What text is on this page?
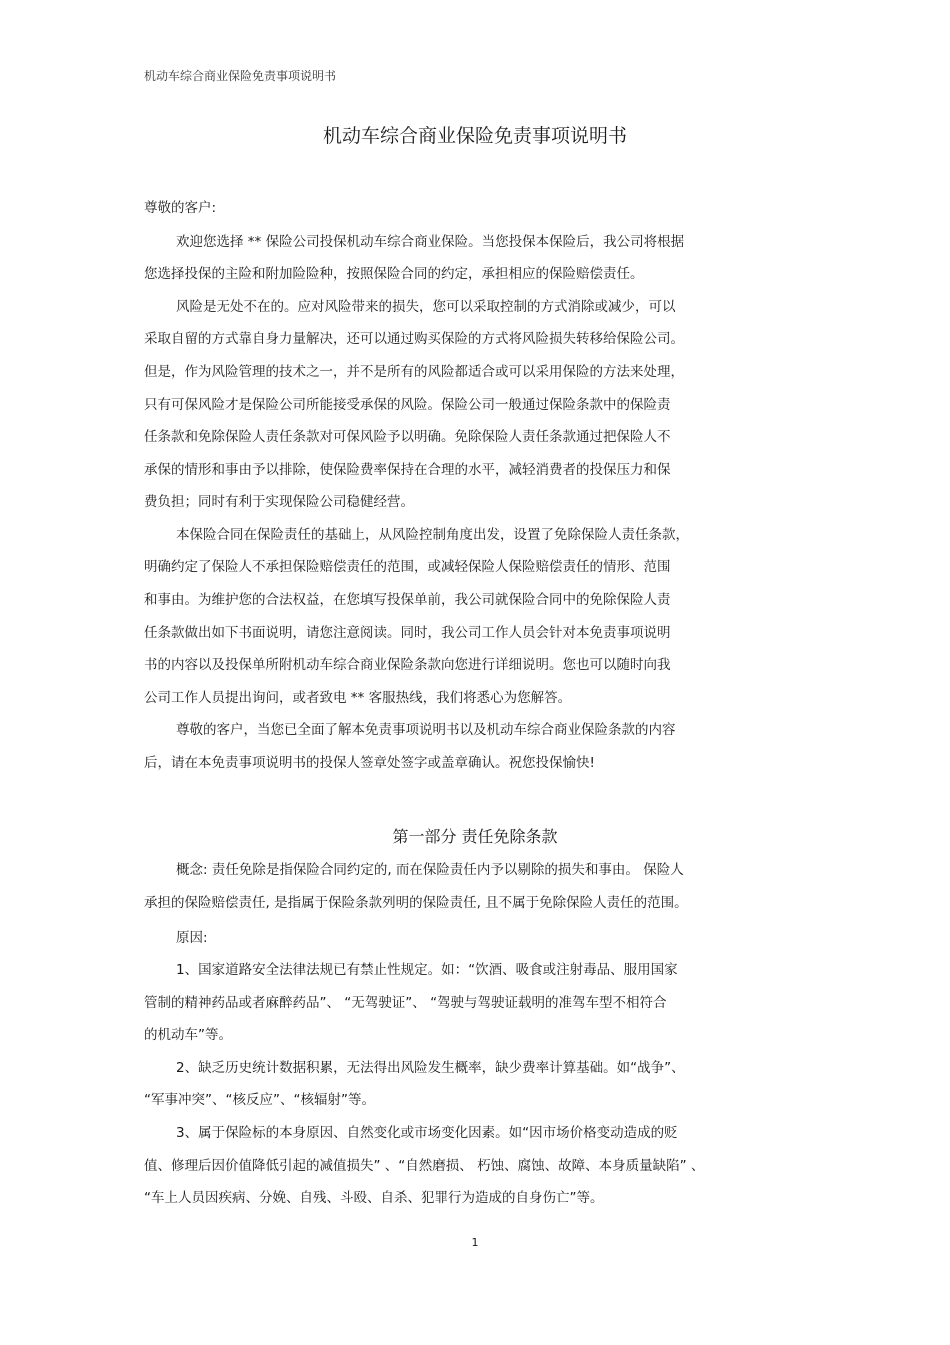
机动车综合商业保险免责事项说明书
机动车综合商业保险免责事项说明书
尊敬的客户:
欢迎您选择 ** 保险公司投保机动车综合商业保险。当您投保本保险后，我公司将根据
您选择投保的主险和附加险险种，按照保险合同的约定，承担相应的保险赔偿责任。
风险是无处不在的。应对风险带来的损失，您可以采取控制的方式消除或减少，可以
采取自留的方式靠自身力量解决，还可以通过购买保险的方式将风险损失转移给保险公司。
但是，作为风险管理的技术之一，并不是所有的风险都适合或可以采用保险的方法来处理，
只有可保风险才是保险公司所能接受承保的风险。保险公司一般通过保险条款中的保险责
任条款和免除保险人责任条款对可保风险予以明确。免除保险人责任条款通过把保险人不
承保的情形和事由予以排除，使保险费率保持在合理的水平，减轻消费者的投保压力和保
费负担；同时有利于实现保险公司稳健经营。
本保险合同在保险责任的基础上，从风险控制角度出发，设置了免除保险人责任条款，
明确约定了保险人不承担保险赔偿责任的范围，或减轻保险人保险赔偿责任的情形、范围
和事由。为维护您的合法权益，在您填写投保单前，我公司就保险合同中的免除保险人责
任条款做出如下书面说明，请您注意阅读。同时，我公司工作人员会针对本免责事项说明
书的内容以及投保单所附机动车综合商业保险条款向您进行详细说明。您也可以随时向我
公司工作人员提出询问，或者致电 ** 客服热线，我们将悉心为您解答。
尊敬的客户，当您已全面了解本免责事项说明书以及机动车综合商业保险条款的内容
后，请在本免责事项说明书的投保人签章处签字或盖章确认。祝您投保愉快!
第一部分 责任免除条款
概念: 责任免除是指保险合同约定的, 而在保险责任内予以剔除的损失和事由。 保险人
承担的保险赔偿责任, 是指属于保险条款列明的保险责任, 且不属于免除保险人责任的范围。
原因:
1、国家道路安全法律法规已有禁止性规定。如：“饮酒、吸食或注射毒品、服用国家
管制的精神药品或者麻醉药品”、 “无驾驶证”、 “驾驶与驾驶证载明的准驾车型不相符合
的机动车”等。
2、缺乏历史统计数据积累，无法得出风险发生概率，缺少费率计算基础。如“战争”、
“军事冲突”、“核反应”、“核辐射”等。
3、属于保险标的本身原因、自然变化或市场变化因素。如“因市场价格变动造成的贬
值、修理后因价值降低引起的减值损失” 、“自然磨损、 朽蚀、腐蚀、故障、本身质量缺陷” 、
“车上人员因疾病、分娩、自残、斗殴、自杀、犯罪行为造成的自身伤亡”等。
1
